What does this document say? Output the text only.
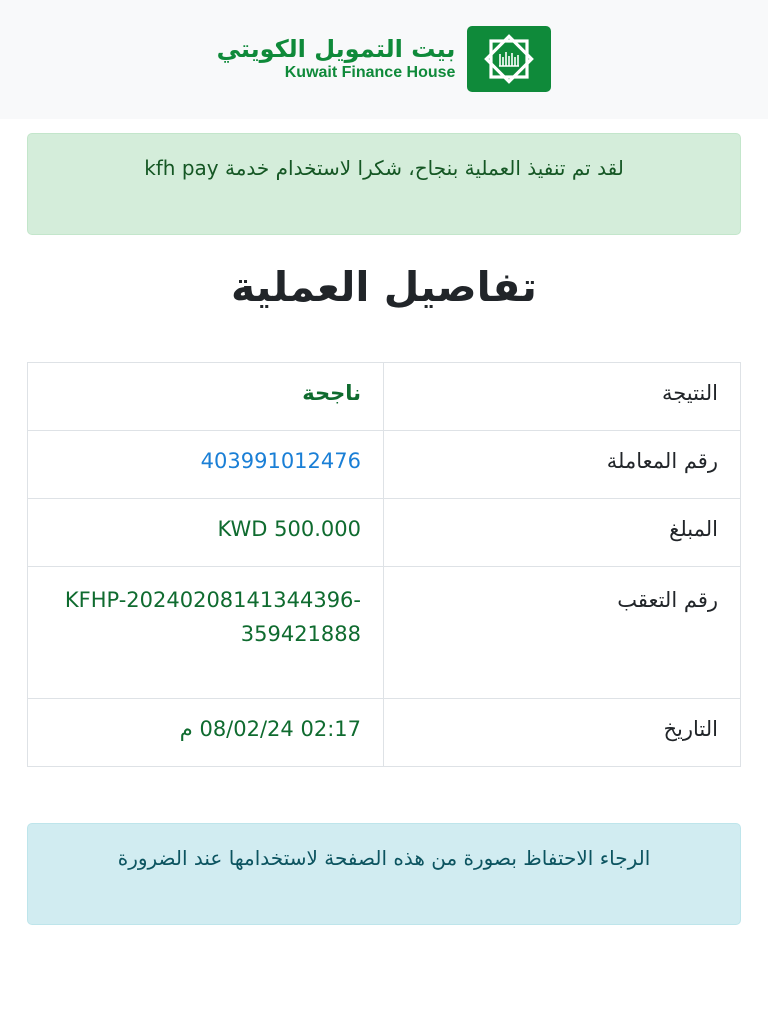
بيت التمويل الكويتي
Kuwait Finance House
لقد تم تنفيذ العملية بنجاح، شكرا لاستخدام خدمة kfh pay
تفاصيل العملية
النتيجة	ناجحة
رقم المعاملة	403991012476
المبلغ	KWD 500.000
رقم التعقب	KFHP-20240208141344396-359421888
التاريخ	02:17 08/02/24 م
الرجاء الاحتفاظ بصورة من هذه الصفحة لاستخدامها عند الضرورة
